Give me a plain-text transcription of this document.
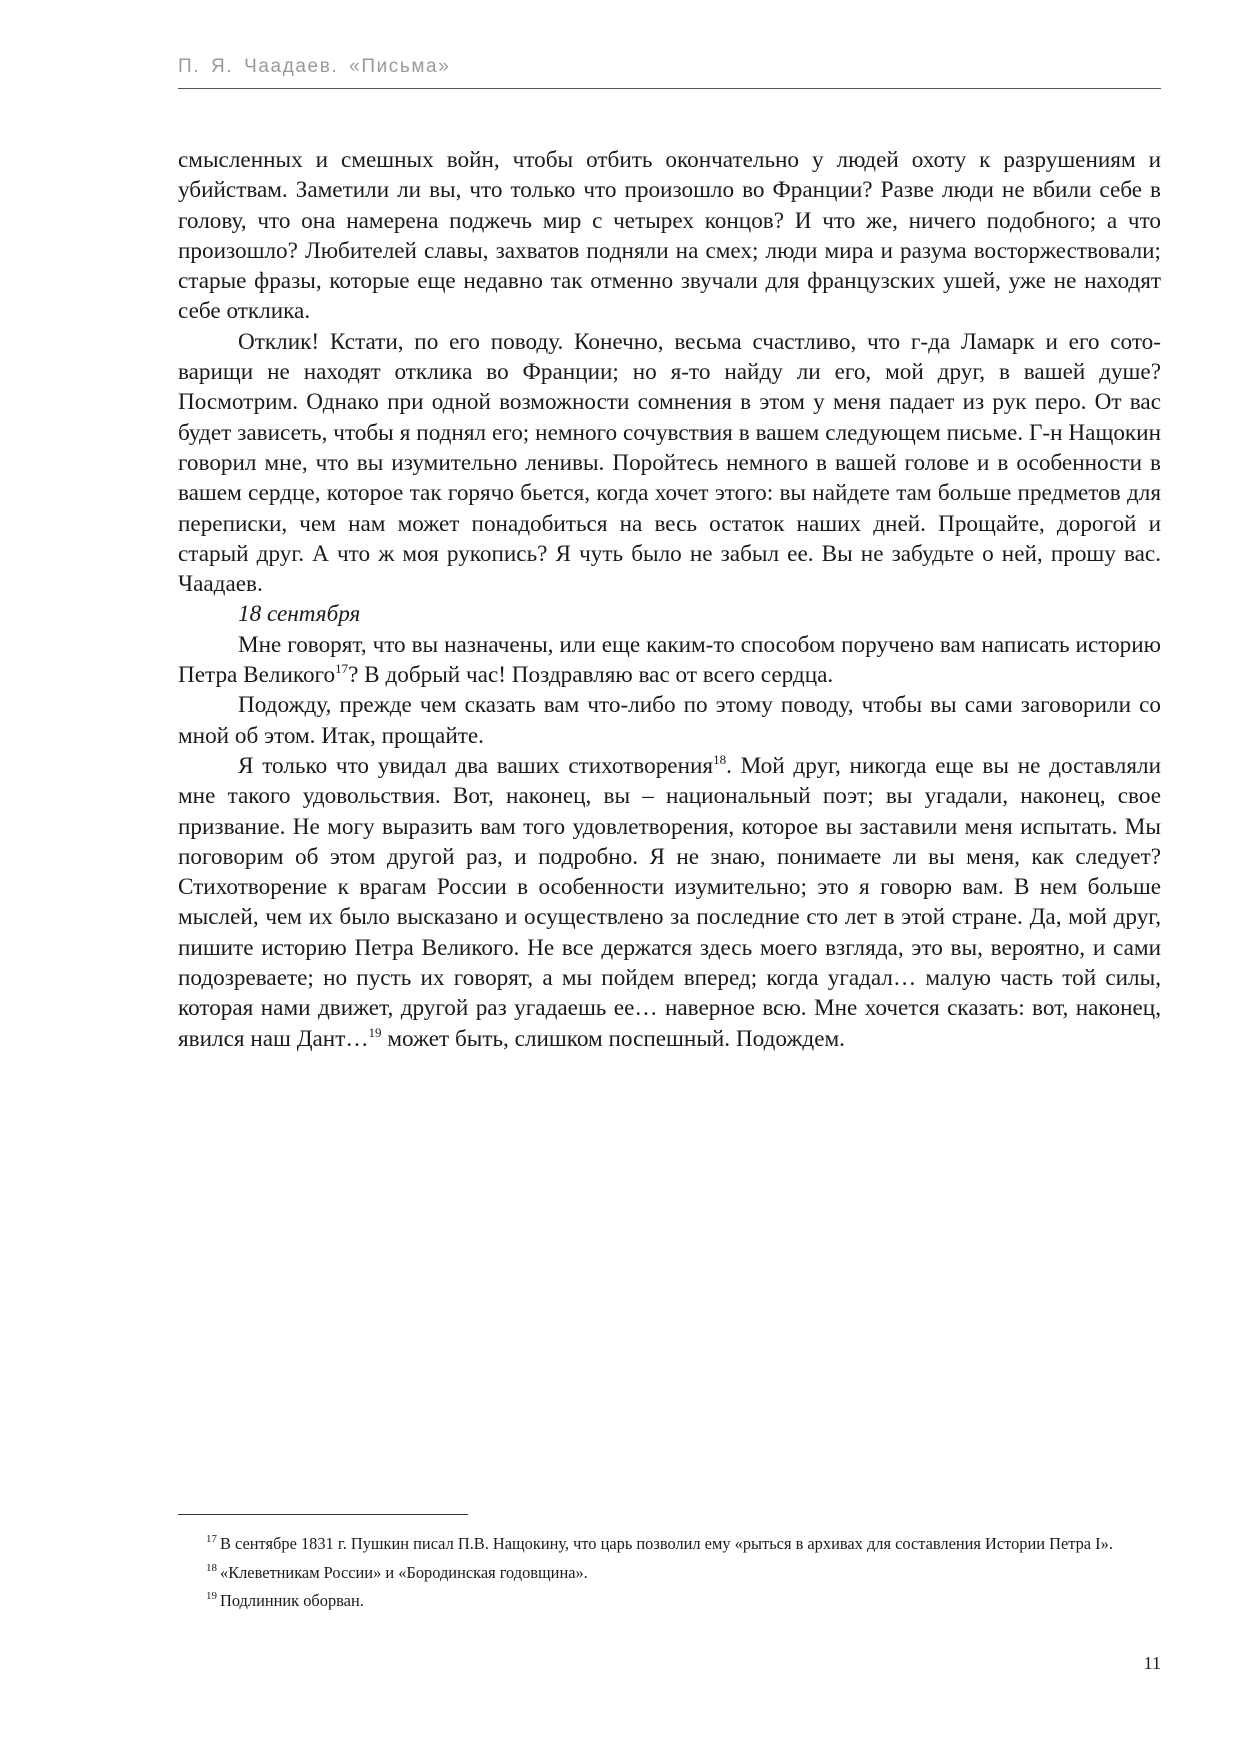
П. Я. Чаадаев. «Письма»

смысленных и смешных войн, чтобы отбить окончательно у людей охоту к разрушениям и убийствам. Заметили ли вы, что только что произошло во Франции? Разве люди не вбили себе в голову, что она намерена поджечь мир с четырех концов? И что же, ничего подобного; а что произошло? Любителей славы, захватов подняли на смех; люди мира и разума восторжествовали; старые фразы, которые еще недавно так отменно звучали для французских ушей, уже не находят себе отклика.

Отклик! Кстати, по его поводу. Конечно, весьма счастливо, что г-да Ламарк и его сотоварищи не находят отклика во Франции; но я-то найду ли его, мой друг, в вашей душе? Посмотрим. Однако при одной возможности сомнения в этом у меня падает из рук перо. От вас будет зависеть, чтобы я поднял его; немного сочувствия в вашем следующем письме. Г-н Нащокин говорил мне, что вы изумительно ленивы. Поройтесь немного в вашей голове и в особенности в вашем сердце, которое так горячо бьется, когда хочет этого: вы найдете там больше предметов для переписки, чем нам может понадобиться на весь остаток наших дней. Прощайте, дорогой и старый друг. А что ж моя рукопись? Я чуть было не забыл ее. Вы не забудьте о ней, прошу вас. Чаадаев.

18 сентября

Мне говорят, что вы назначены, или еще каким-то способом поручено вам написать историю Петра Великого$^{17}$? В добрый час! Поздравляю вас от всего сердца.

Подожду, прежде чем сказать вам что-либо по этому поводу, чтобы вы сами заговорили со мной об этом. Итак, прощайте.

Я только что увидал два ваших стихотворения$^{18}$. Мой друг, никогда еще вы не доставляли мне такого удовольствия. Вот, наконец, вы – национальный поэт; вы угадали, наконец, свое призвание. Не могу выразить вам того удовлетворения, которое вы заставили меня испытать. Мы поговорим об этом другой раз, и подробно. Я не знаю, понимаете ли вы меня, как следует? Стихотворение к врагам России в особенности изумительно; это я говорю вам. В нем больше мыслей, чем их было высказано и осуществлено за последние сто лет в этой стране. Да, мой друг, пишите историю Петра Великого. Не все держатся здесь моего взгляда, это вы, вероятно, и сами подозреваете; но пусть их говорят, а мы пойдем вперед; когда угадал… малую часть той силы, которая нами движет, другой раз угадаешь ее… наверное всю. Мне хочется сказать: вот, наконец, явился наш Дант…$^{19}$ может быть, слишком поспешный. Подождем.

$^{17}$ В сентябре 1831 г. Пушкин писал П.В. Нащокину, что царь позволил ему «рыться в архивах для составления Истории Петра I».

$^{18}$ «Клеветникам России» и «Бородинская годовщина».

$^{19}$ Подлинник оборван.

11
